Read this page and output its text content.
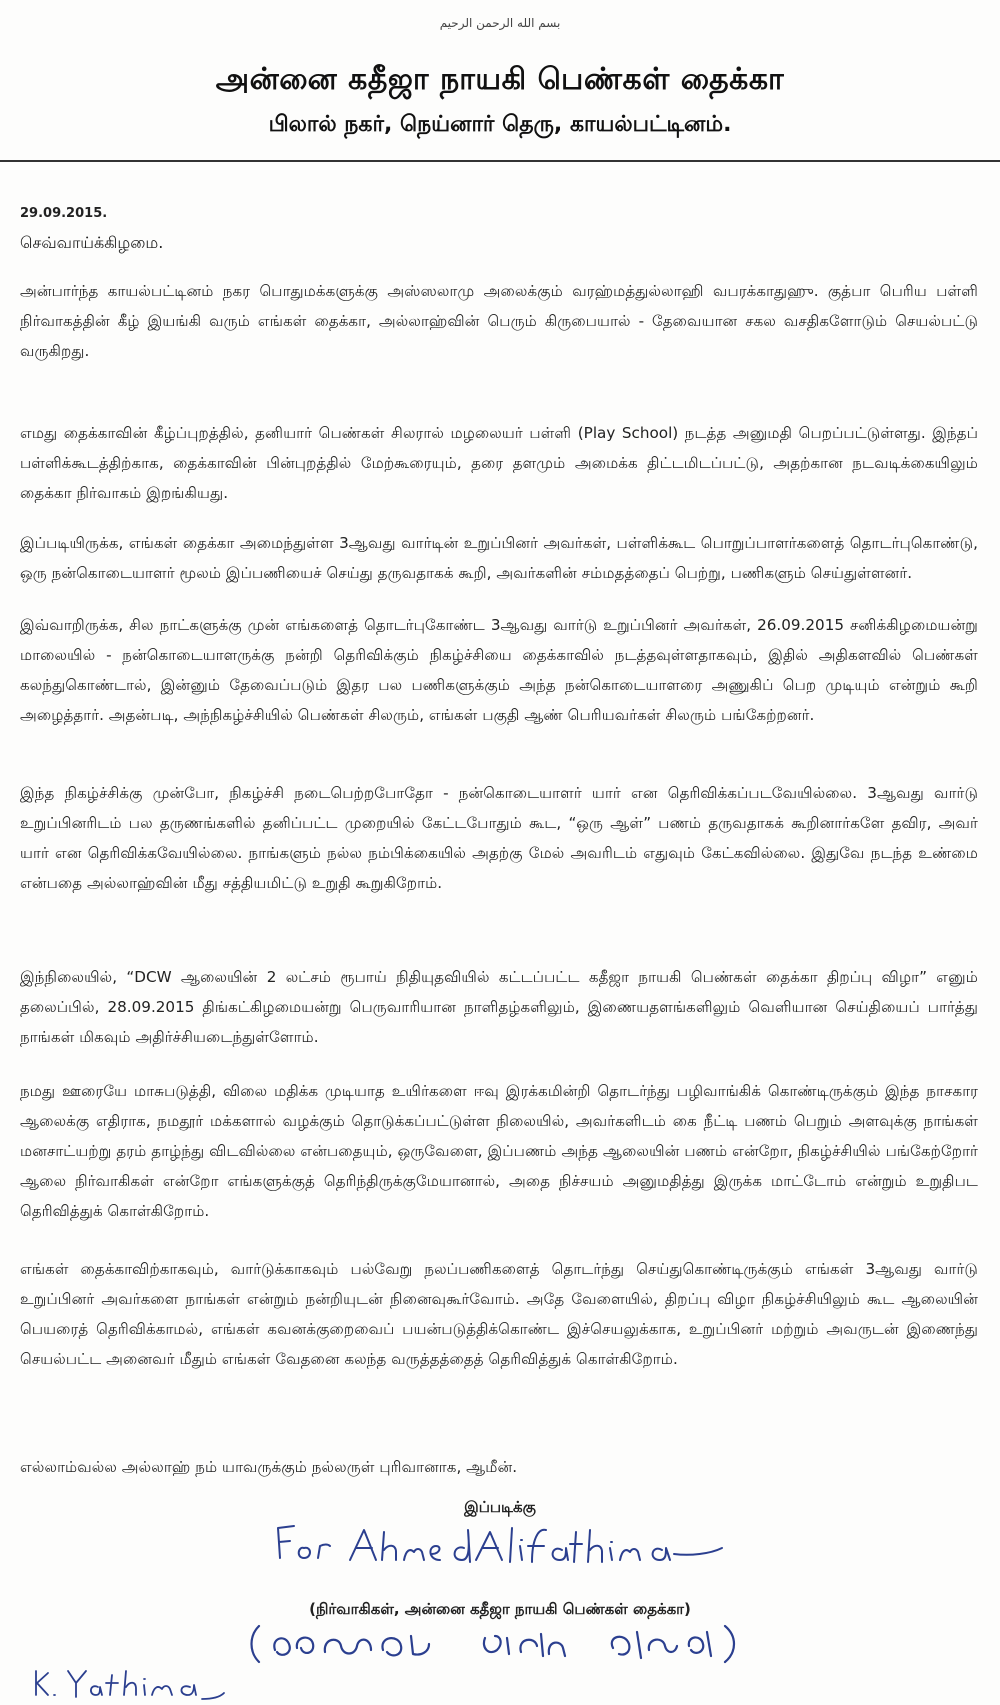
بسم الله الرحمن الرحيم
அன்னை கதீஜா நாயகி பெண்கள் தைக்கா
பிலால் நகர், நெய்னார் தெரு, காயல்பட்டினம்.
29.09.2015.
செவ்வாய்க்கிழமை.
அன்பார்ந்த காயல்பட்டினம் நகர பொதுமக்களுக்கு அஸ்ஸலாமு அலைக்கும் வரஹ்மத்துல்லாஹி வபரக்காதுஹு. குத்பா பெரிய பள்ளி நிர்வாகத்தின் கீழ் இயங்கி வரும் எங்கள் தைக்கா, அல்லாஹ்வின் பெரும் கிருபையால் - தேவையான சகல வசதிகளோடும் செயல்பட்டு வருகிறது.
எமது தைக்காவின் கீழ்ப்புறத்தில், தனியார் பெண்கள் சிலரால் மழலையர் பள்ளி (Play School) நடத்த அனுமதி பெறப்பட்டுள்ளது. இந்தப் பள்ளிக்கூடத்திற்காக, தைக்காவின் பின்புறத்தில் மேற்கூரையும், தரை தளமும் அமைக்க திட்டமிடப்பட்டு, அதற்கான நடவடிக்கையிலும் தைக்கா நிர்வாகம் இறங்கியது.
இப்படியிருக்க, எங்கள் தைக்கா அமைந்துள்ள 3ஆவது வார்டின் உறுப்பினர் அவர்கள், பள்ளிக்கூட பொறுப்பாளர்களைத் தொடர்புகொண்டு, ஒரு நன்கொடையாளர் மூலம் இப்பணியைச் செய்து தருவதாகக் கூறி, அவர்களின் சம்மதத்தைப் பெற்று, பணிகளும் செய்துள்ளனர்.
இவ்வாறிருக்க, சில நாட்களுக்கு முன் எங்களைத் தொடர்புகோண்ட 3ஆவது வார்டு உறுப்பினர் அவர்கள், 26.09.2015 சனிக்கிழமையன்று மாலையில் - நன்கொடையாளருக்கு நன்றி தெரிவிக்கும் நிகழ்ச்சியை தைக்காவில் நடத்தவுள்ளதாகவும், இதில் அதிகளவில் பெண்கள் கலந்துகொண்டால், இன்னும் தேவைப்படும் இதர பல பணிகளுக்கும் அந்த நன்கொடையாளரை அணுகிப் பெற முடியும் என்றும் கூறி அழைத்தார். அதன்படி, அந்நிகழ்ச்சியில் பெண்கள் சிலரும், எங்கள் பகுதி ஆண் பெரியவர்கள் சிலரும் பங்கேற்றனர்.
இந்த நிகழ்ச்சிக்கு முன்போ, நிகழ்ச்சி நடைபெற்றபோதோ - நன்கொடையாளர் யார் என தெரிவிக்கப்படவேயில்லை. 3ஆவது வார்டு உறுப்பினரிடம் பல தருணங்களில் தனிப்பட்ட முறையில் கேட்டபோதும் கூட, “ஒரு ஆள்” பணம் தருவதாகக் கூறினார்களே தவிர, அவர் யார் என தெரிவிக்கவேயில்லை. நாங்களும் நல்ல நம்பிக்கையில் அதற்கு மேல் அவரிடம் எதுவும் கேட்கவில்லை. இதுவே நடந்த உண்மை என்பதை அல்லாஹ்வின் மீது சத்தியமிட்டு உறுதி கூறுகிறோம்.
இந்நிலையில், “DCW ஆலையின் 2 லட்சம் ரூபாய் நிதியுதவியில் கட்டப்பட்ட கதீஜா நாயகி பெண்கள் தைக்கா திறப்பு விழா” எனும் தலைப்பில், 28.09.2015 திங்கட்கிழமையன்று பெருவாரியான நாளிதழ்களிலும், இணையதளங்களிலும் வெளியான செய்தியைப் பார்த்து நாங்கள் மிகவும் அதிர்ச்சியடைந்துள்ளோம்.
நமது ஊரையே மாசுபடுத்தி, விலை மதிக்க முடியாத உயிர்களை ஈவு இரக்கமின்றி தொடர்ந்து பழிவாங்கிக் கொண்டிருக்கும் இந்த நாசகார ஆலைக்கு எதிராக, நமதூர் மக்களால் வழக்கும் தொடுக்கப்பட்டுள்ள நிலையில், அவர்களிடம் கை நீட்டி பணம் பெறும் அளவுக்கு நாங்கள் மனசாட்யற்று தரம் தாழ்ந்து விடவில்லை என்பதையும், ஒருவேளை, இப்பணம் அந்த ஆலையின் பணம் என்றோ, நிகழ்ச்சியில் பங்கேற்றோர் ஆலை நிர்வாகிகள் என்றோ எங்களுக்குத் தெரிந்திருக்குமேயானால், அதை நிச்சயம் அனுமதித்து இருக்க மாட்டோம் என்றும் உறுதிபட தெரிவித்துக் கொள்கிறோம்.
எங்கள் தைக்காவிற்காகவும், வார்டுக்காகவும் பல்வேறு நலப்பணிகளைத் தொடர்ந்து செய்துகொண்டிருக்கும் எங்கள் 3ஆவது வார்டு உறுப்பினர் அவர்களை நாங்கள் என்றும் நன்றியுடன் நினைவுகூர்வோம். அதே வேளையில், திறப்பு விழா நிகழ்ச்சியிலும் கூட ஆலையின் பெயரைத் தெரிவிக்காமல், எங்கள் கவனக்குறைவைப் பயன்படுத்திக்கொண்ட இச்செயலுக்காக, உறுப்பினர் மற்றும் அவருடன் இணைந்து செயல்பட்ட அனைவர் மீதும் எங்கள் வேதனை கலந்த வருத்தத்தைத் தெரிவித்துக் கொள்கிறோம்.
எல்லாம்வல்ல அல்லாஹ் நம் யாவருக்கும் நல்லருள் புரிவானாக, ஆமீன்.
இப்படிக்கு
(நிர்வாகிகள், அன்னை கதீஜா நாயகி பெண்கள் தைக்கா)
